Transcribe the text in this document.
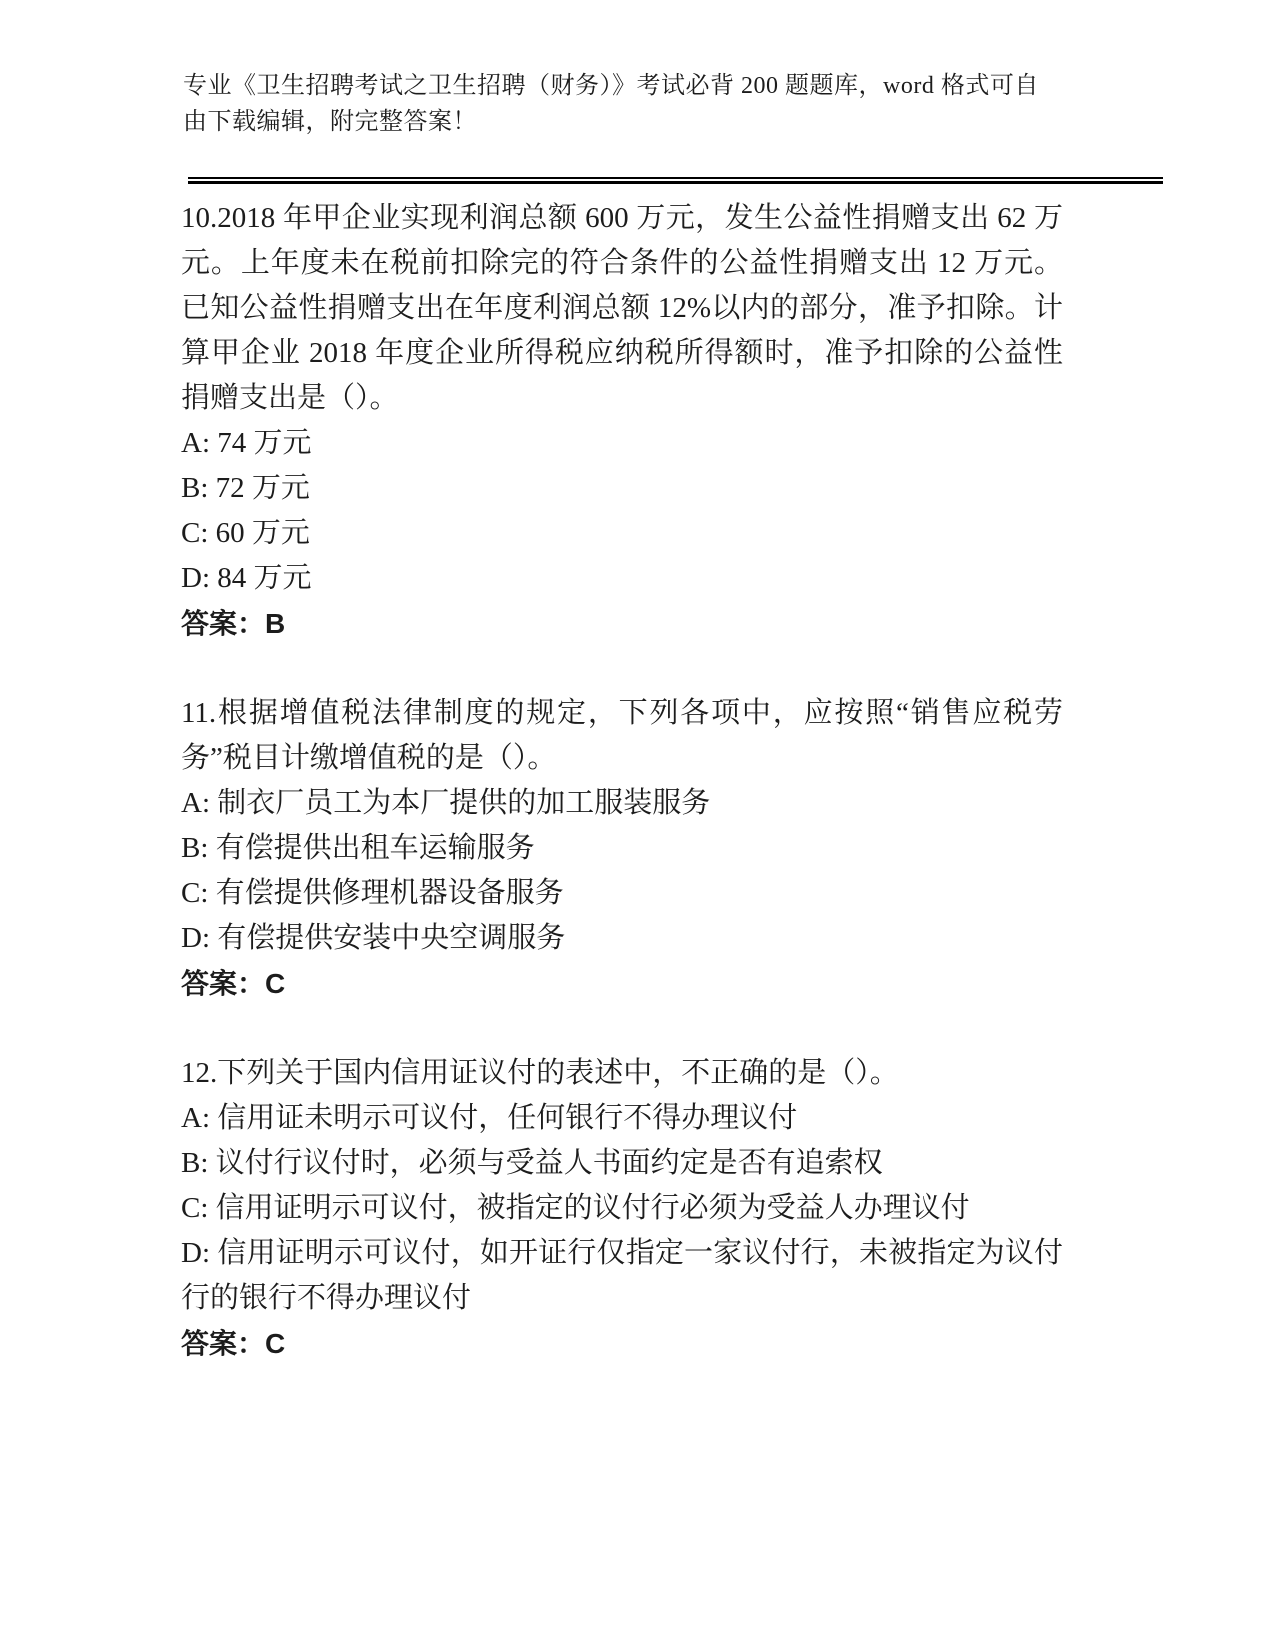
专业《卫生招聘考试之卫生招聘（财务）》考试必背 200 题题库，word 格式可自
由下载编辑，附完整答案！

10.2018 年甲企业实现利润总额 600 万元，发生公益性捐赠支出 62 万元。上年度未在税前扣除完的符合条件的公益性捐赠支出 12 万元。已知公益性捐赠支出在年度利润总额 12%以内的部分，准予扣除。计算甲企业 2018 年度企业所得税应纳税所得额时，准予扣除的公益性捐赠支出是（）。

A: 74 万元

B: 72 万元

C: 60 万元

D: 84 万元

答案：B

11.根据增值税法律制度的规定，下列各项中，应按照“销售应税劳务”税目计缴增值税的是（）。

A: 制衣厂员工为本厂提供的加工服装服务

B: 有偿提供出租车运输服务

C: 有偿提供修理机器设备服务

D: 有偿提供安装中央空调服务

答案：C

12.下列关于国内信用证议付的表述中，不正确的是（）。

A: 信用证未明示可议付，任何银行不得办理议付

B: 议付行议付时，必须与受益人书面约定是否有追索权

C: 信用证明示可议付，被指定的议付行必须为受益人办理议付

D: 信用证明示可议付，如开证行仅指定一家议付行，未被指定为议付行的银行不得办理议付

答案：C
